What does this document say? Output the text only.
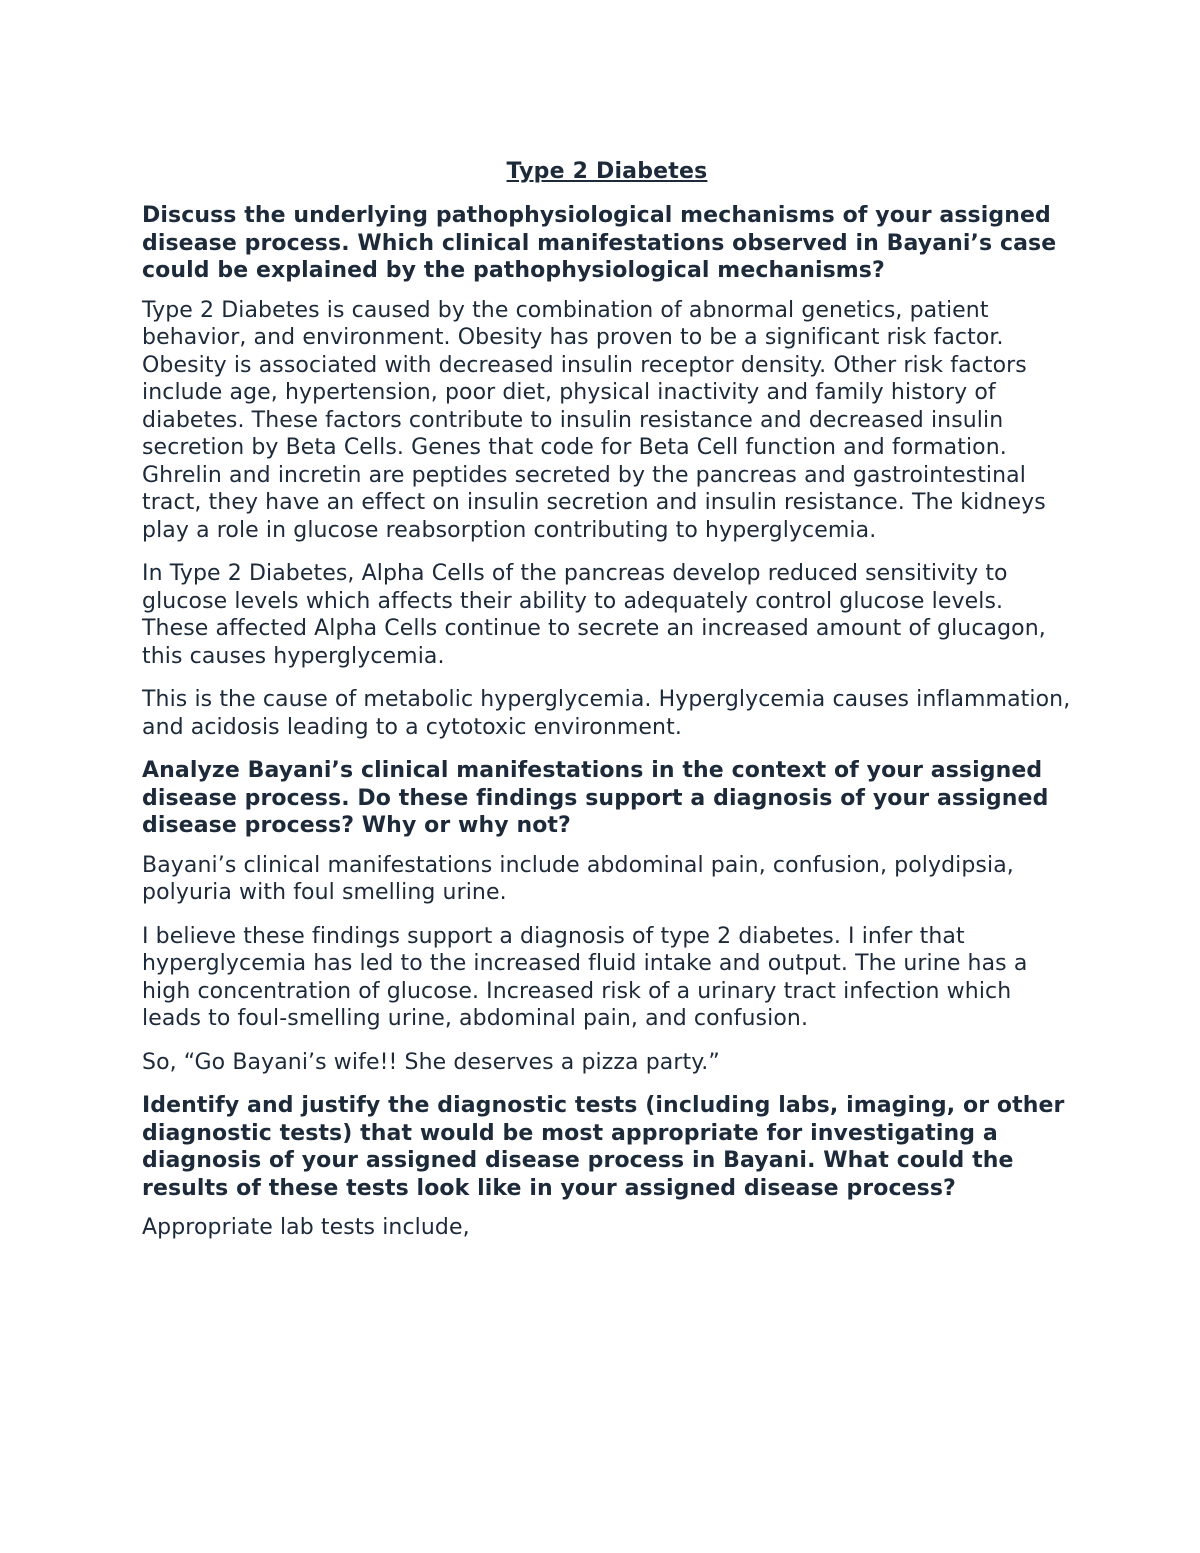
Type 2 Diabetes
Discuss the underlying pathophysiological mechanisms of your assigned disease process. Which clinical manifestations observed in Bayani’s case could be explained by the pathophysiological mechanisms?
Type 2 Diabetes is caused by the combination of abnormal genetics, patient behavior, and environment. Obesity has proven to be a significant risk factor. Obesity is associated with decreased insulin receptor density. Other risk factors include age, hypertension, poor diet, physical inactivity and family history of diabetes. These factors contribute to insulin resistance and decreased insulin secretion by Beta Cells. Genes that code for Beta Cell function and formation. Ghrelin and incretin are peptides secreted by the pancreas and gastrointestinal tract, they have an effect on insulin secretion and insulin resistance. The kidneys play a role in glucose reabsorption contributing to hyperglycemia.
In Type 2 Diabetes, Alpha Cells of the pancreas develop reduced sensitivity to glucose levels which affects their ability to adequately control glucose levels. These affected Alpha Cells continue to secrete an increased amount of glucagon, this causes hyperglycemia.
This is the cause of metabolic hyperglycemia. Hyperglycemia causes inflammation, and acidosis leading to a cytotoxic environment.
Analyze Bayani’s clinical manifestations in the context of your assigned disease process. Do these findings support a diagnosis of your assigned disease process? Why or why not?
Bayani’s clinical manifestations include abdominal pain, confusion, polydipsia, polyuria with foul smelling urine.
I believe these findings support a diagnosis of type 2 diabetes. I infer that hyperglycemia has led to the increased fluid intake and output. The urine has a high concentration of glucose. Increased risk of a urinary tract infection which leads to foul-smelling urine, abdominal pain, and confusion.
So, “Go Bayani’s wife!! She deserves a pizza party.”
Identify and justify the diagnostic tests (including labs, imaging, or other diagnostic tests) that would be most appropriate for investigating a diagnosis of your assigned disease process in Bayani. What could the results of these tests look like in your assigned disease process?
Appropriate lab tests include,
